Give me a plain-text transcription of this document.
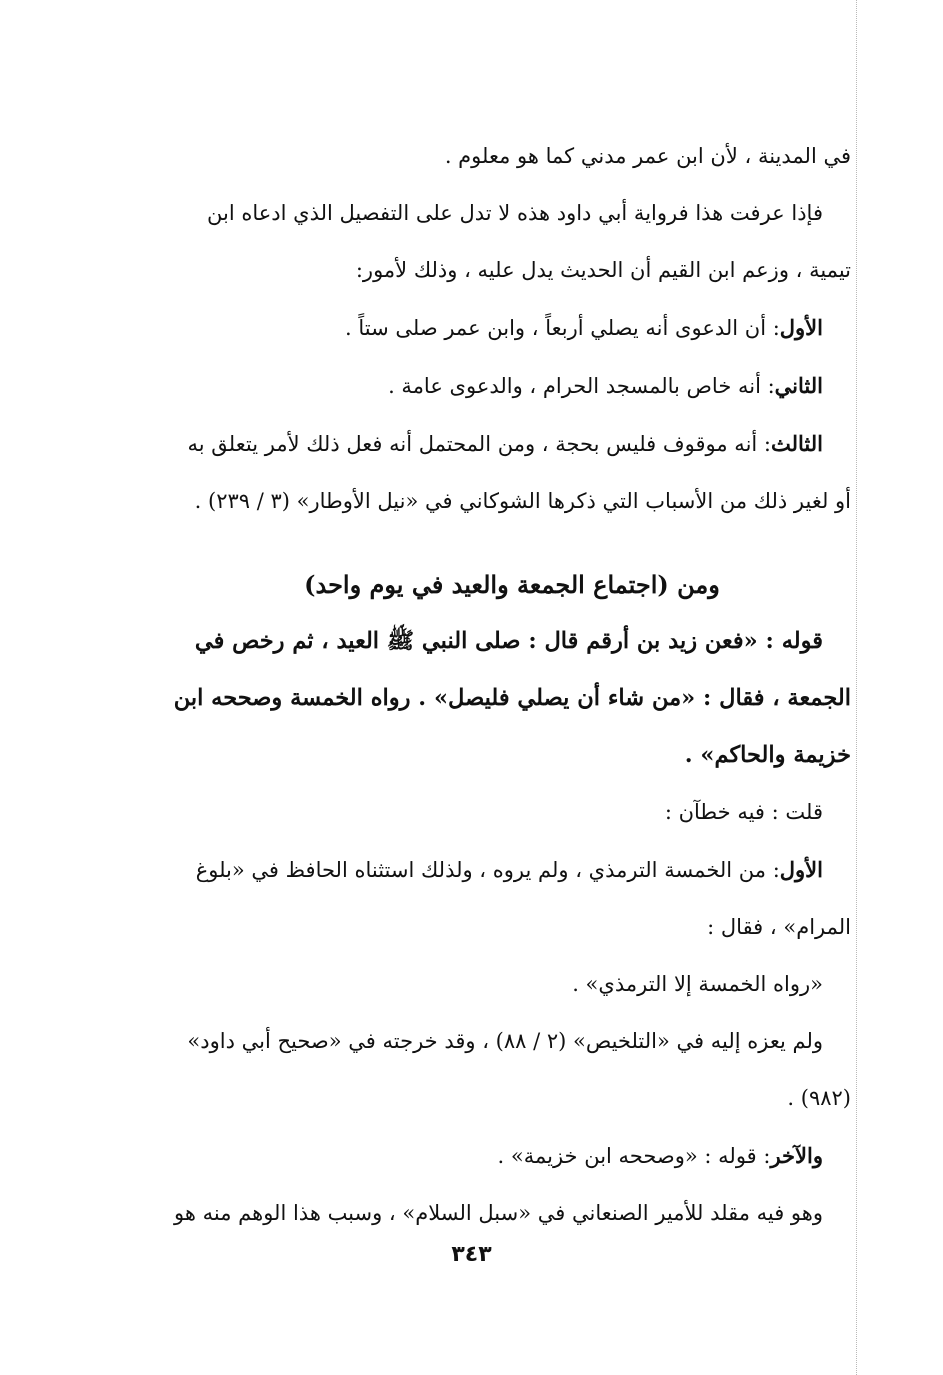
في المدينة ، لأن ابن عمر مدني كما هو معلوم .
فإذا عرفت هذا فرواية أبي داود هذه لا تدل على التفصيل الذي ادعاه ابن
تيمية ، وزعم ابن القيم أن الحديث يدل عليه ، وذلك لأمور:
الأول: أن الدعوى أنه يصلي أربعاً ، وابن عمر صلى ستاً .
الثاني: أنه خاص بالمسجد الحرام ، والدعوى عامة .
الثالث: أنه موقوف فليس بحجة ، ومن المحتمل أنه فعل ذلك لأمر يتعلق به
أو لغير ذلك من الأسباب التي ذكرها الشوكاني في «نيل الأوطار» (٣ / ٢٣٩) .
ومن (اجتماع الجمعة والعيد في يوم واحد)
قوله : «فعن زيد بن أرقم قال : صلى النبي ﷺ العيد ، ثم رخص في
الجمعة ، فقال : «من شاء أن يصلي فليصل» . رواه الخمسة وصححه ابن
خزيمة والحاكم» .
قلت : فيه خطآن :
الأول: من الخمسة الترمذي ، ولم يروه ، ولذلك استثناه الحافظ في «بلوغ
المرام» ، فقال :
«رواه الخمسة إلا الترمذي» .
ولم يعزه إليه في «التلخيص» (٢ / ٨٨) ، وقد خرجته في «صحيح أبي داود»
(٩٨٢) .
والآخر: قوله : «وصححه ابن خزيمة» .
وهو فيه مقلد للأمير الصنعاني في «سبل السلام» ، وسبب هذا الوهم منه هو
٣٤٣
